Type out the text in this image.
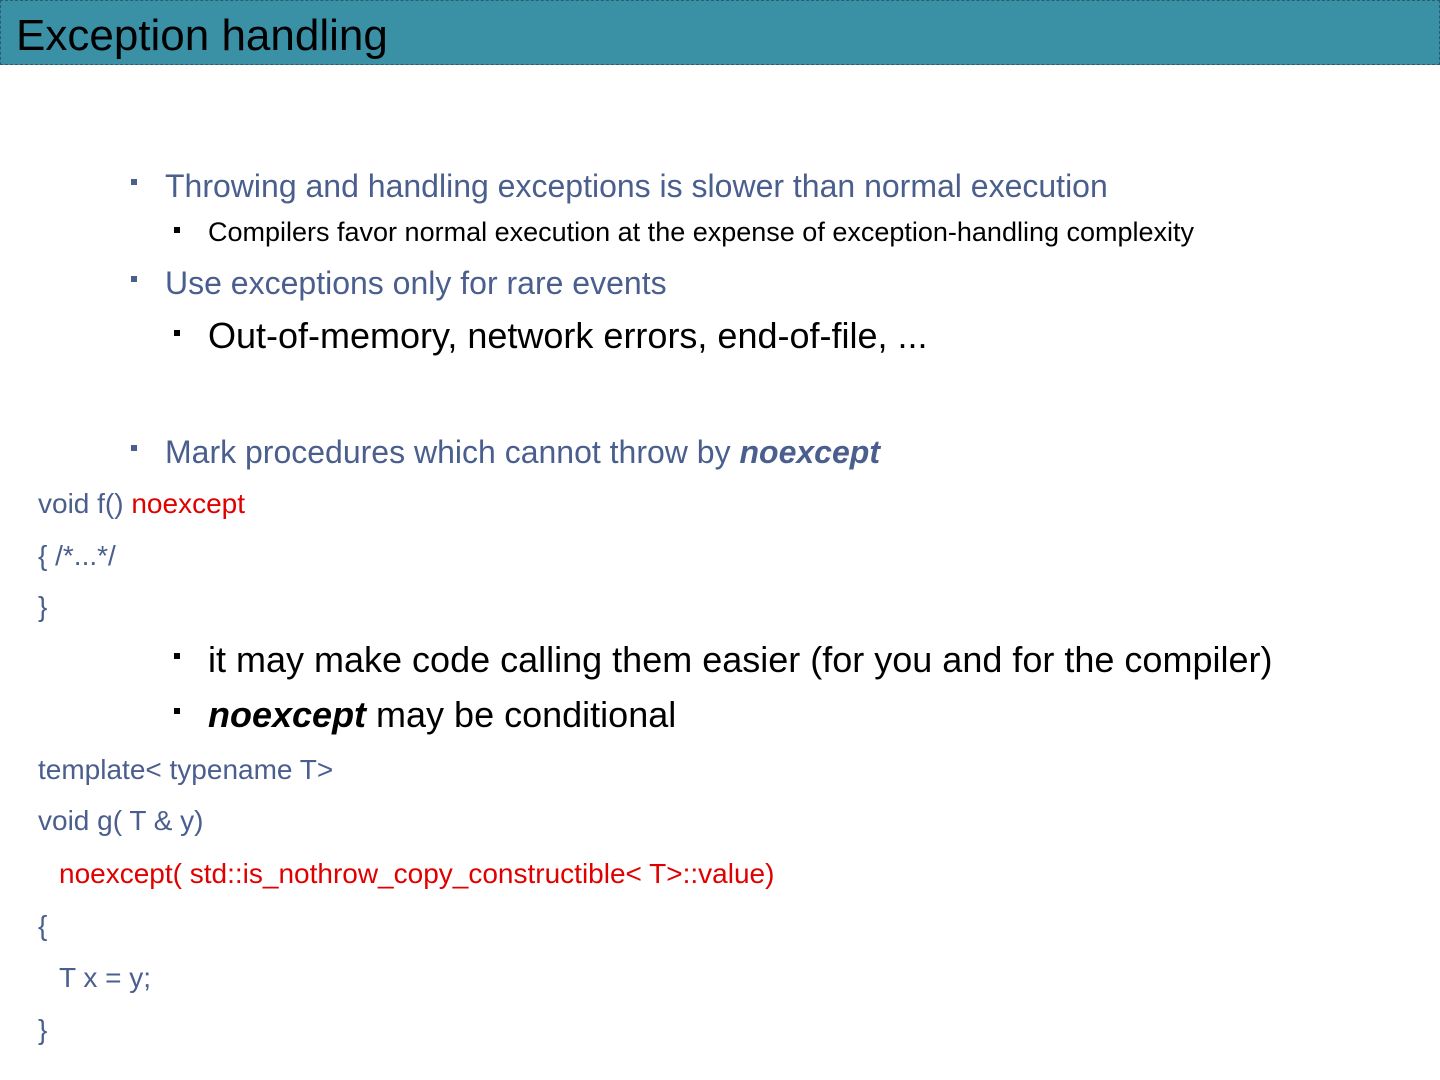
Exception handling
Throwing and handling exceptions is slower than normal execution
Compilers favor normal execution at the expense of exception-handling complexity
Use exceptions only for rare events
Out-of-memory, network errors, end-of-file, ...
Mark procedures which cannot throw by noexcept
void f() noexcept
{ /*...*/
}
it may make code calling them easier (for you and for the compiler)
noexcept may be conditional
template< typename T>
void g( T & y)
noexcept( std::is_nothrow_copy_constructible< T>::value)
{
T x = y;
}
